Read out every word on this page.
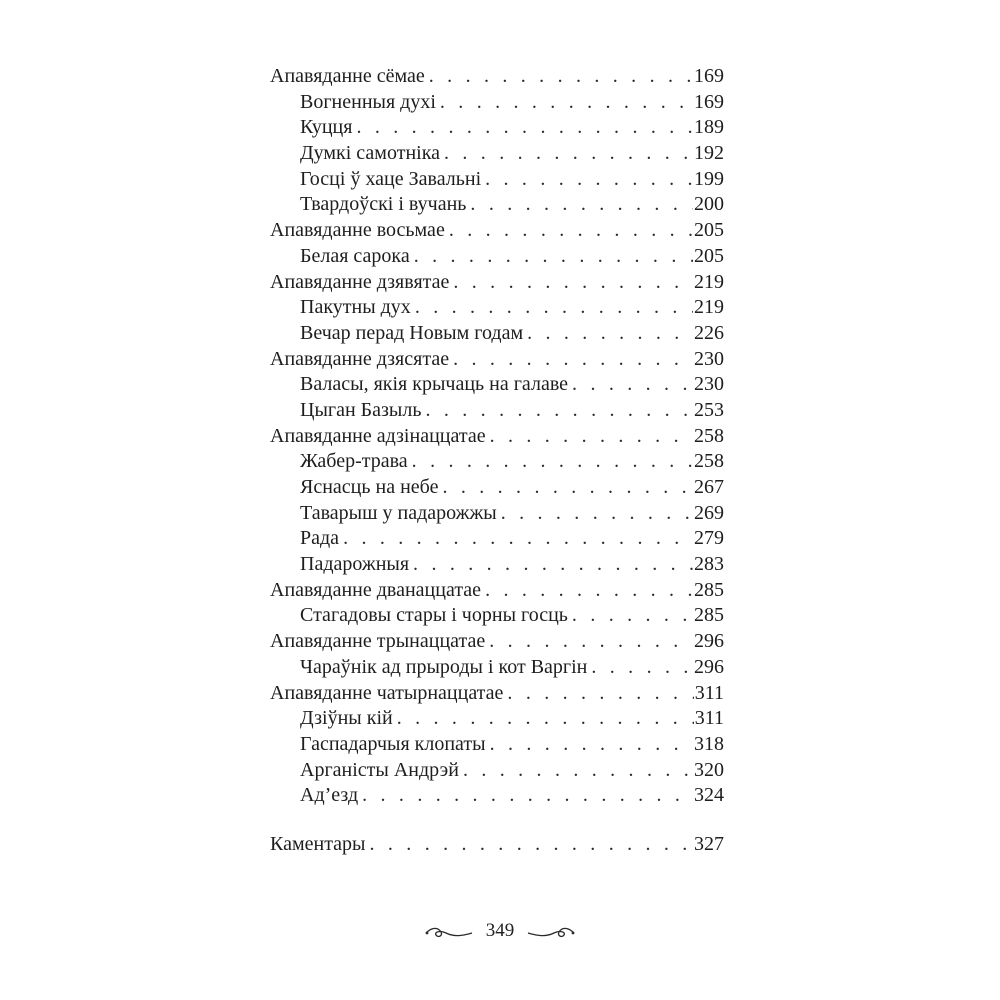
Апавяданне сёмае . . .	169
Вогненныя духі . . .	169
Куцця . . .	189
Думкі самотніка . . .	192
Госці ў хаце Завальні . . .	199
Твардоўскі і вучань . . .	200
Апавяданне восьмае . . .	205
Белая сарока . . .	205
Апавяданне дзявятае . . .	219
Пакутны дух . . .	219
Вечар перад Новым годам . . .	226
Апавяданне дзясятае . . .	230
Валасы, якія крычаць на галаве . . .	230
Цыган Базыль . . .	253
Апавяданне адзінаццатае . . .	258
Жабер-трава . . .	258
Яснасць на небе . . .	267
Таварыш у падарожжы . . .	269
Рада . . .	279
Падарожныя . . .	283
Апавяданне дванаццатае . . .	285
Стагадовы стары і чорны госць . . .	285
Апавяданне трынаццатае . . .	296
Чараўнік ад прыроды і кот Варгін . . .	296
Апавяданне чатырнаццатае . . .	311
Дзіўны кій . . .	311
Гаспадарчыя клопаты . . .	318
Арганісты Андрэй . . .	320
Ад’езд . . .	324
Каментары . . .	327
349
